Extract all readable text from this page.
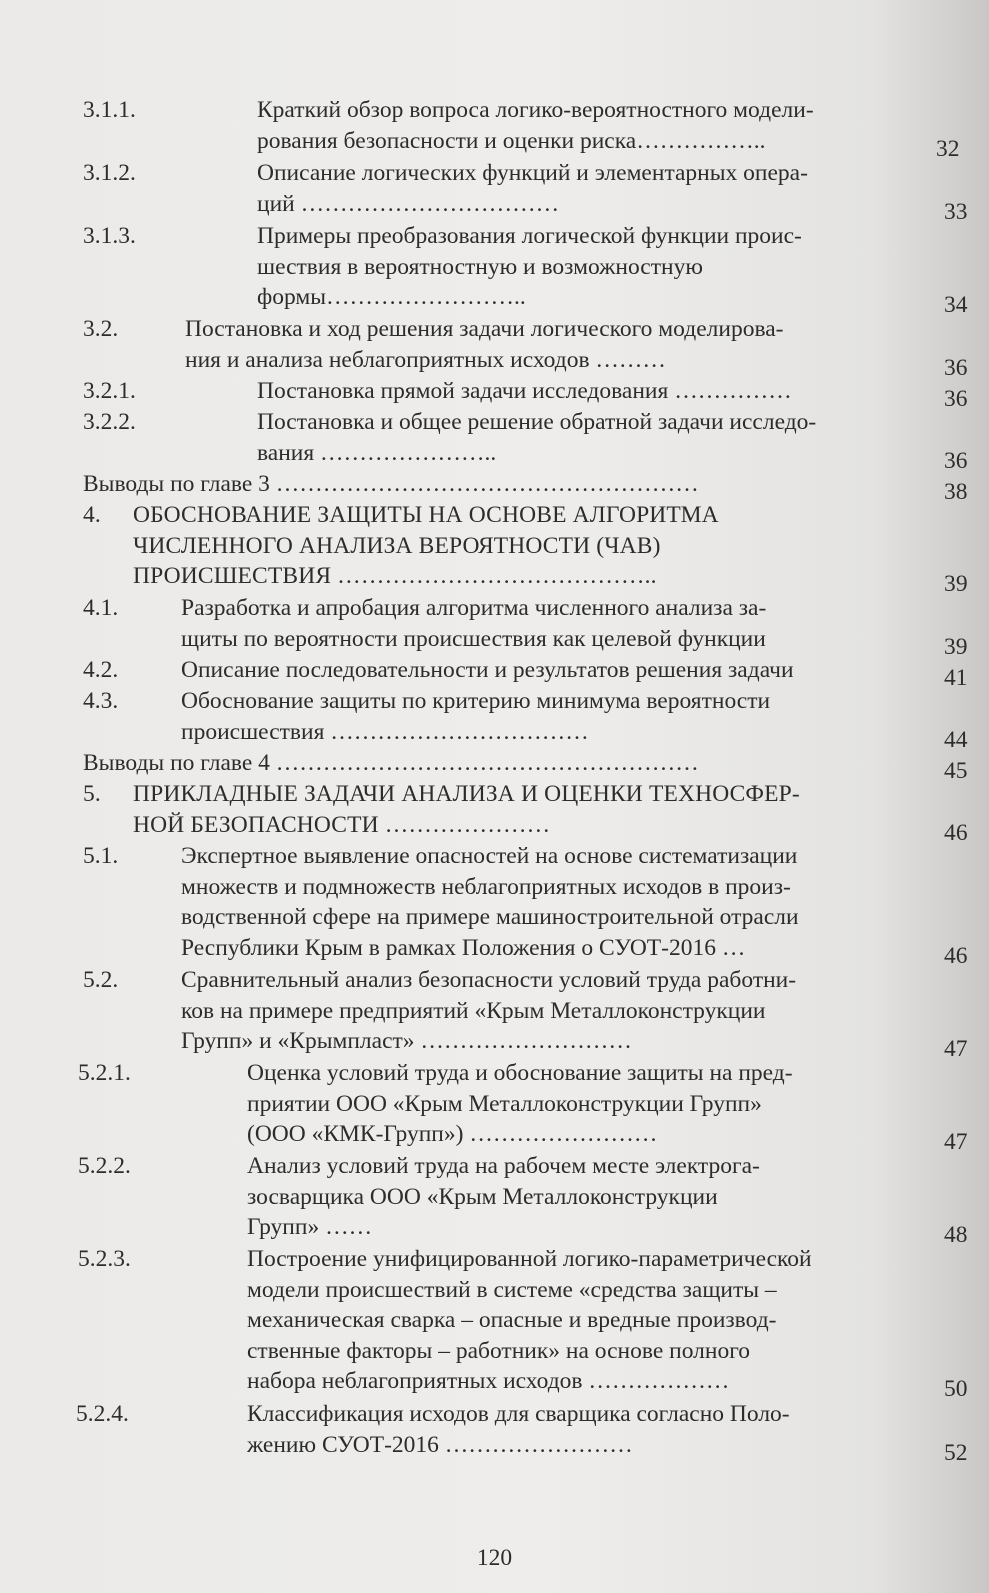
3.1.1.	Краткий обзор вопроса логико-вероятностного модели-
рования безопасности и оценки риска……………..	32
3.1.2.	Описание логических функций и элементарных опера-
ций ……………………………	33
3.1.3.	Примеры преобразования логической функции проис-
шествия в вероятностную и возможностную
формы……………………..	34
3.2.	Постановка и ход решения задачи логического моделирова-
ния и анализа неблагоприятных исходов ………	36
3.2.1.	Постановка прямой задачи исследования ……………	36
3.2.2.	Постановка и общее решение обратной задачи исследо-
вания …………………..	36
Выводы по главе 3 ………………………………………………	38
4. ОБОСНОВАНИЕ ЗАЩИТЫ НА ОСНОВЕ АЛГОРИТМА
ЧИСЛЕННОГО АНАЛИЗА ВЕРОЯТНОСТИ (ЧАВ)
ПРОИСШЕСТВИЯ …………………………………..	39
4.1.	Разработка и апробация алгоритма численного анализа за-
щиты по вероятности происшествия как целевой функции	39
4.2.	Описание последовательности и результатов решения задачи	41
4.3.	Обоснование защиты по критерию минимума вероятности
происшествия ……………………………	44
Выводы по главе 4 ………………………………………………	45
5. ПРИКЛАДНЫЕ ЗАДАЧИ АНАЛИЗА И ОЦЕНКИ ТЕХНОСФЕР-
НОЙ БЕЗОПАСНОСТИ …………………	46
5.1.	Экспертное выявление опасностей на основе систематизации
множеств и подмножеств неблагоприятных исходов в произ-
водственной сфере на примере машиностроительной отрасли
Республики Крым в рамках Положения о СУОТ-2016 …	46
5.2.	Сравнительный анализ безопасности условий труда работни-
ков на примере предприятий «Крым Металлоконструкции
Групп» и «Крымпласт» ………………………	47
5.2.1.	Оценка условий труда и обоснование защиты на пред-
приятии ООО «Крым Металлоконструкции Групп»
(ООО «КМК-Групп») ……………………	47
5.2.2.	Анализ условий труда на рабочем месте электрога-
зосварщика ООО «Крым Металлоконструкции
Групп» ……	48
5.2.3.	Построение унифицированной логико-параметрической
модели происшествий в системе «средства защиты –
механическая сварка – опасные и вредные производ-
ственные факторы – работник» на основе полного
набора неблагоприятных исходов ………………	50
5.2.4.	Классификация исходов для сварщика согласно Поло-
жению СУОТ-2016 ……………………	52
120
